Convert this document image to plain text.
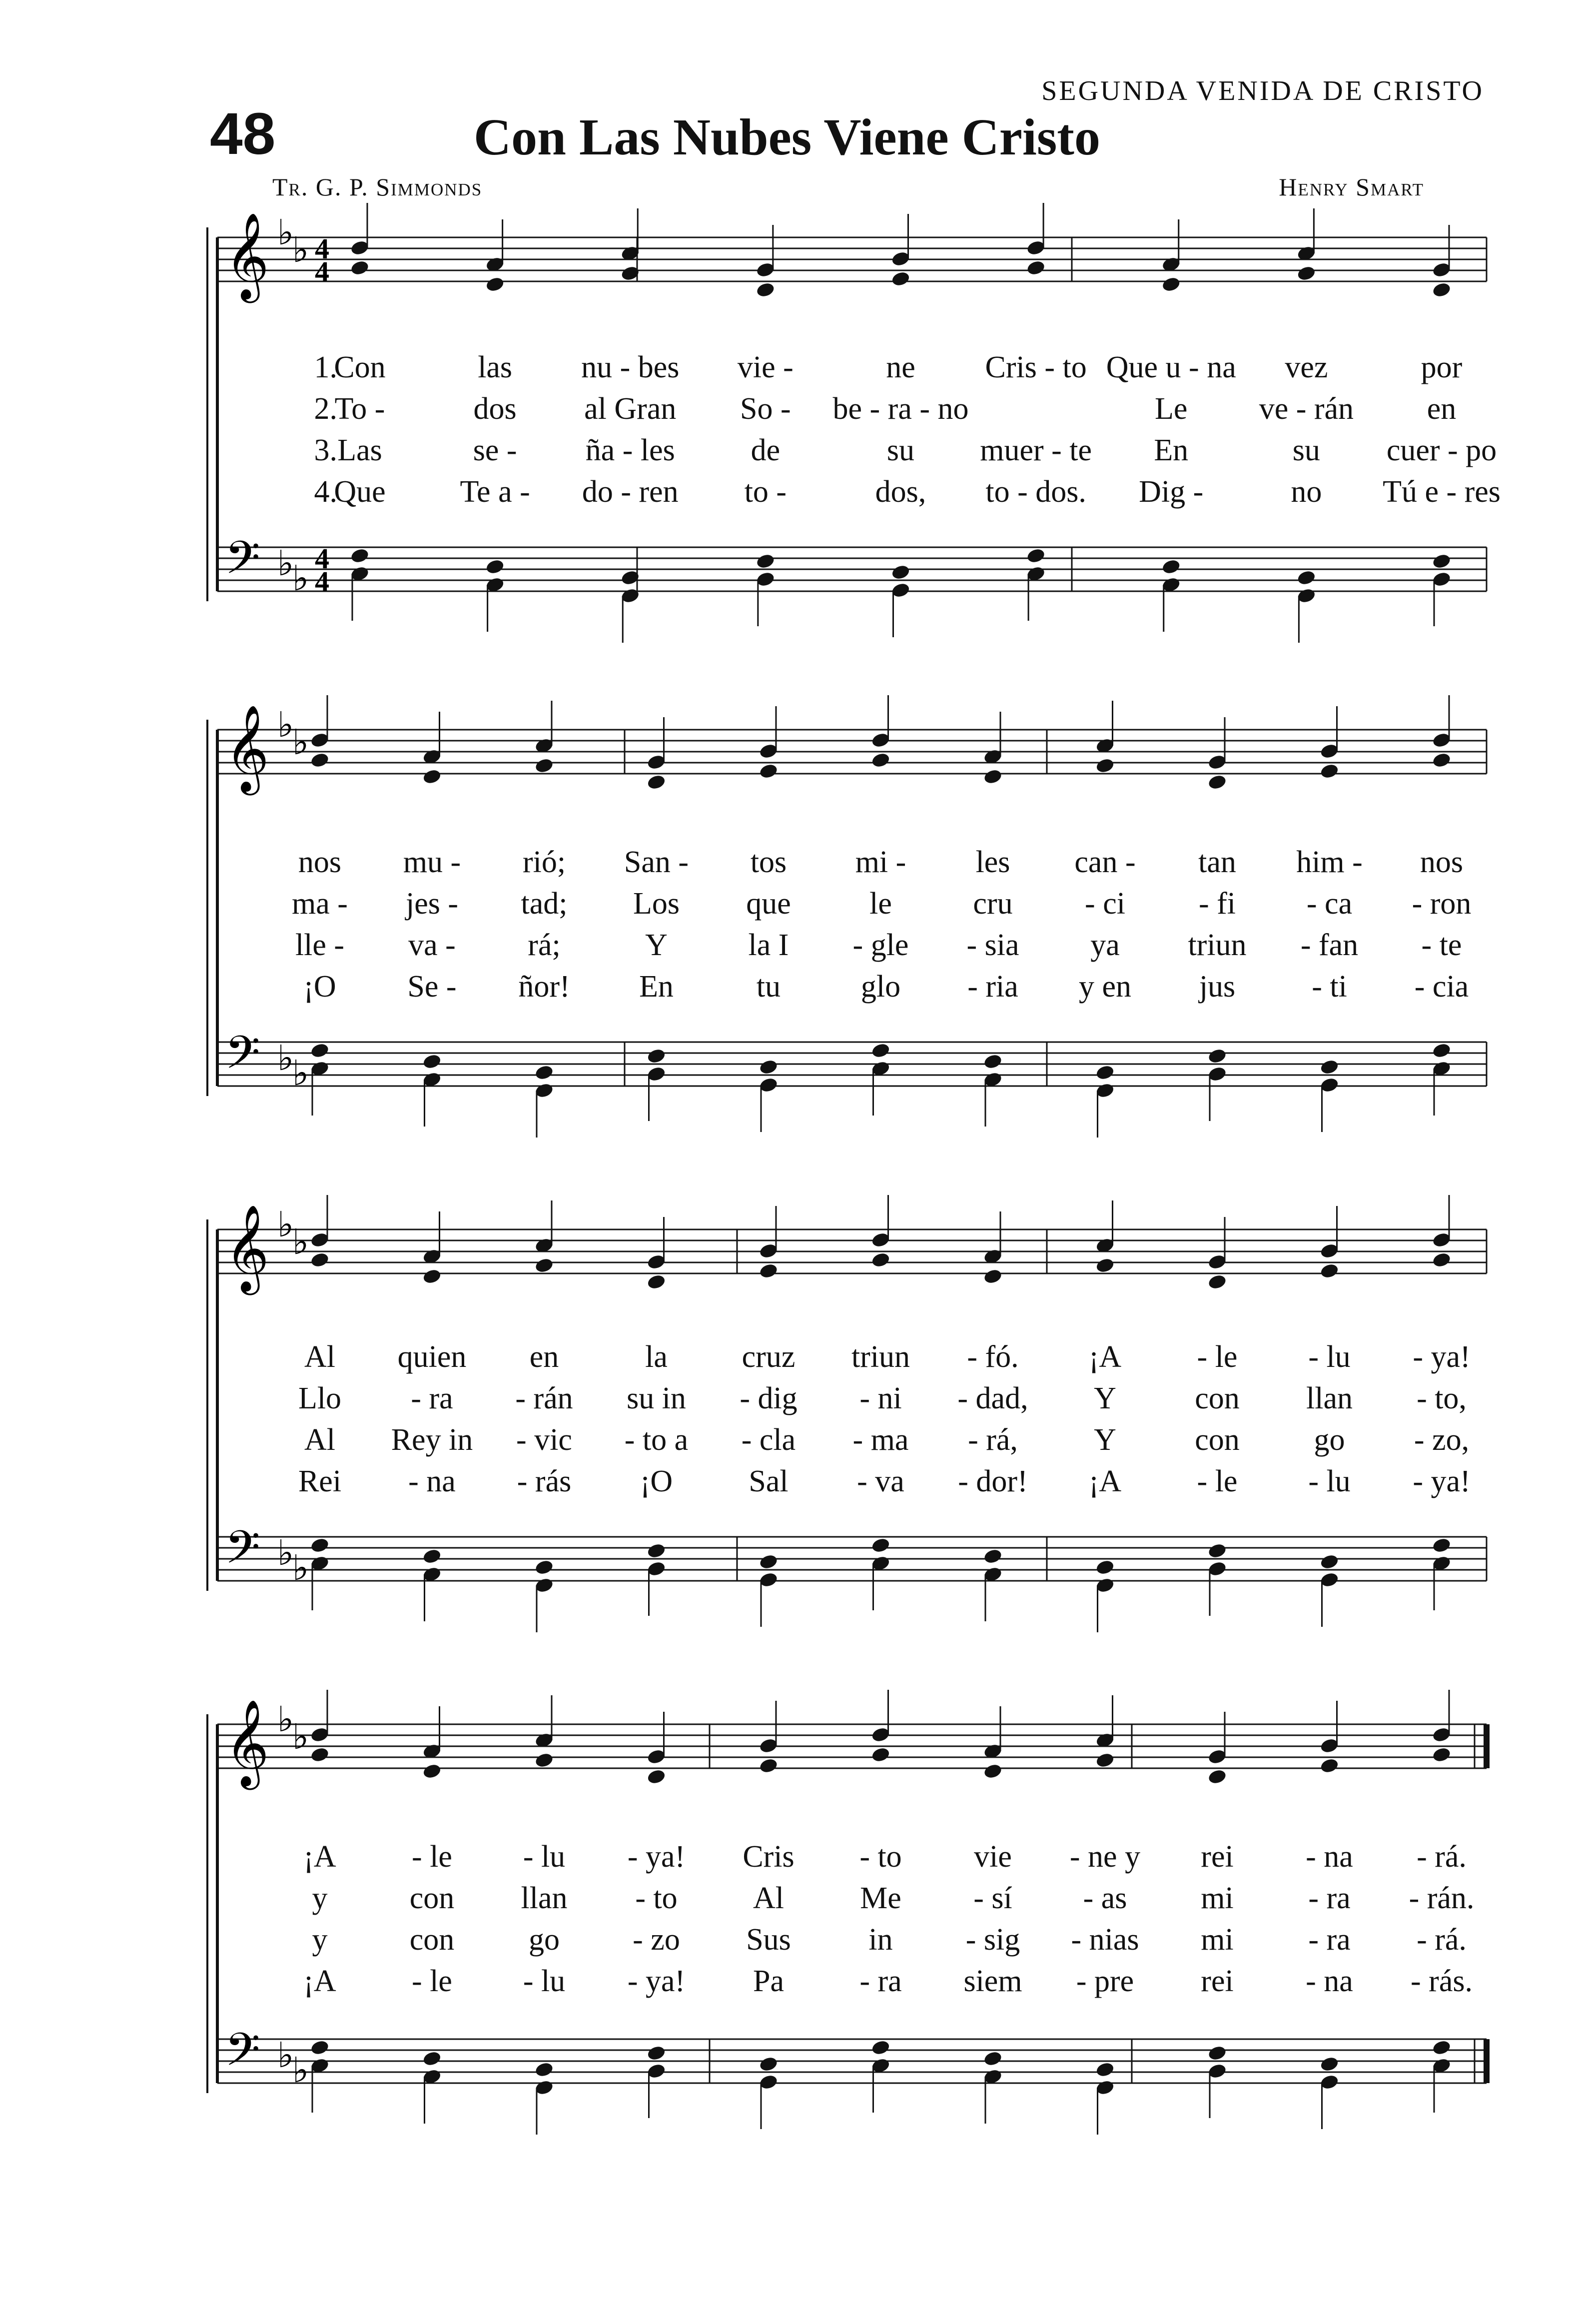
SEGUNDA VENIDA DE CRISTO
48	Con Las Nubes Viene Cristo
Tr. G. P. Simmonds	Henry Smart
𝄞
𝄢
♭
♭
♭
♭
4
4
4
4
𝄞
𝄢
♭
♭
♭
♭
𝄞
𝄢
♭
♭
♭
♭
𝄞
𝄢
♭
♭
♭
♭
1.
Con	las nu - bes vie -	ne Cris - to Que u - na vez	por
2.
To -	dos al Gran So - be - ra - no	Le ve - rán en
3. Las	se - ña - les de	su muer - te En	su cuer - po
4.
Que Te a - do - ren to -	dos, to - dos. Dig -	no Tú e - res
nos mu - rió; San - tos mi - les can - tan him - nos
ma - jes - tad; Los que	le	cru - ci - fi - ca - ron
lle - va - rá;	Y	la I - gle - sia ya triun - fan - te
¡O Se - ñor! En	tu	glo - ria y en jus - ti - cia
Al quien en	la cruz triun - fó. ¡A - le - lu - ya!
Llo - ra - rán su in - dig - ni - dad, Y	con llan - to,
Al Rey in - vic - to a - cla - ma - rá, Y	con go - zo,
Rei - na - rás ¡O Sal - va - dor! ¡A - le - lu - ya!
¡A - le - lu - ya! Cris - to vie - ne y rei - na - rá.
y	con llan - to Al Me - sí - as mi - ra - rán.
y	con go - zo Sus	in - sig - nias mi - ra - rá.
¡A - le - lu - ya! Pa - ra siem - pre rei - na - rás.
